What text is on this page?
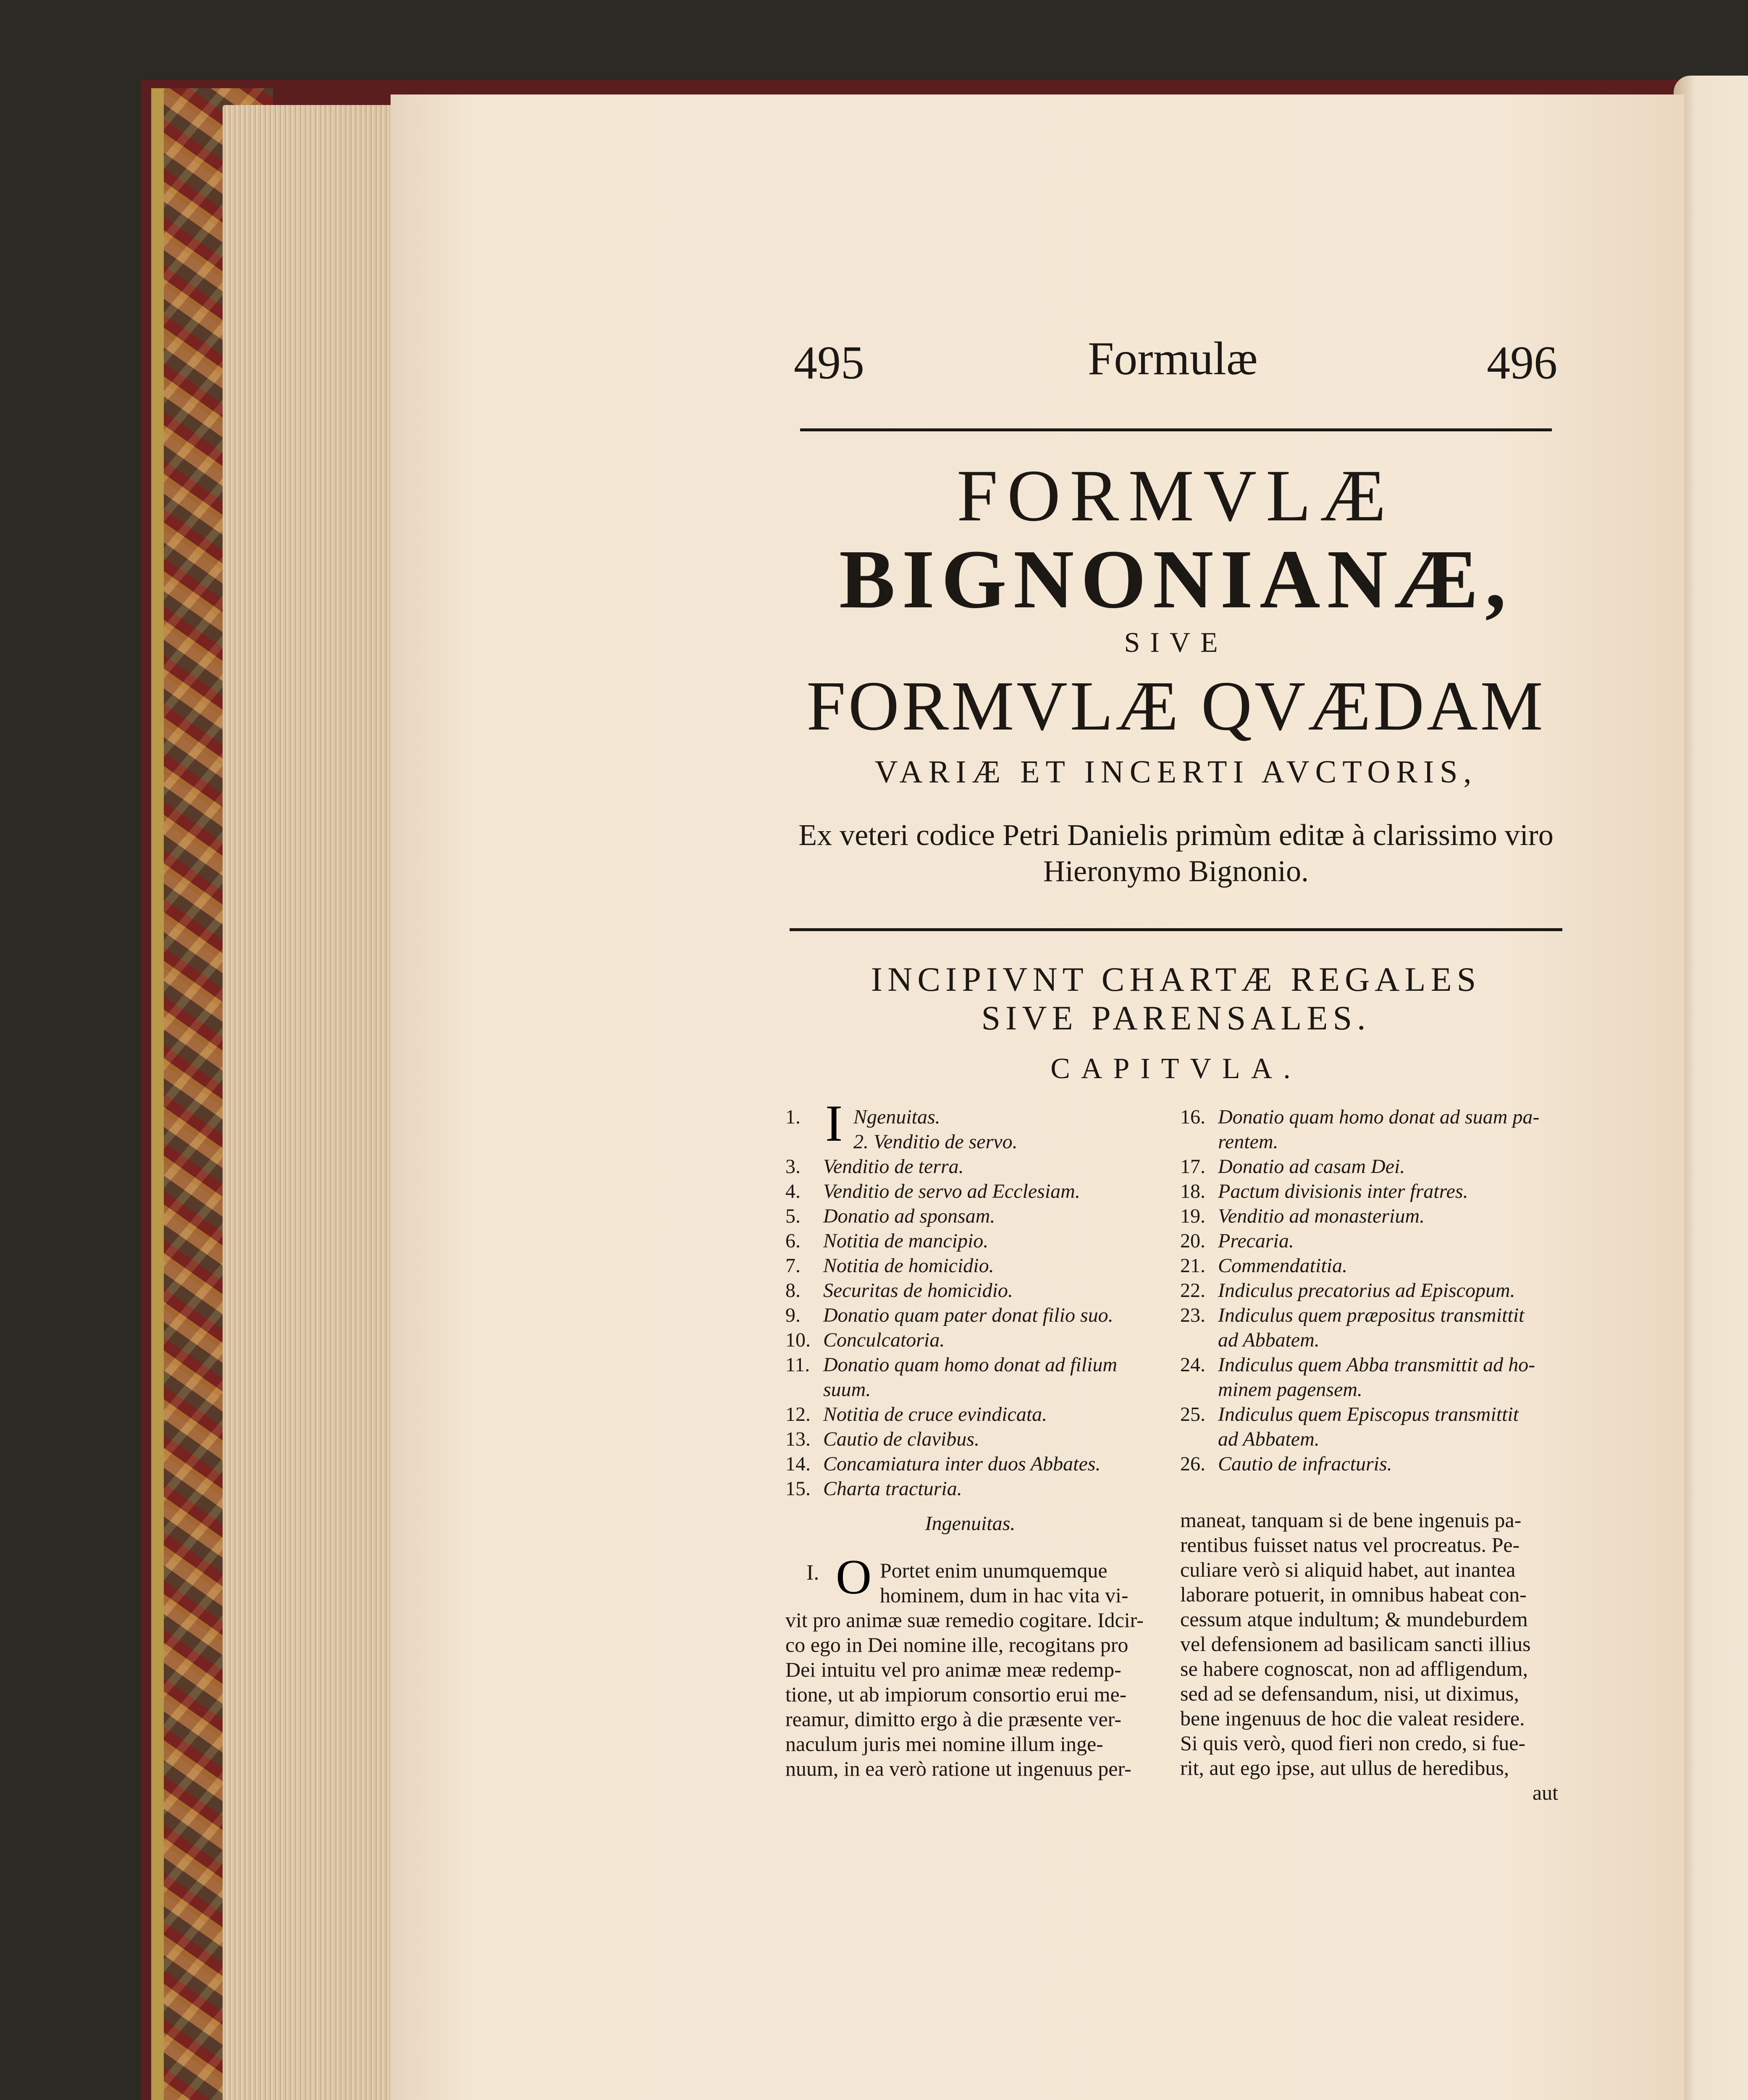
495	Formulæ	496
FORMVLÆ
BIGNONIANÆ,
SIVE
FORMVLÆ QVÆDAM
VARIÆ ET INCERTI AVCTORIS,
Ex veteri codice Petri Danielis primùm editæ à clarissimo viro
Hieronymo Bignonio.
INCIPIVNT CHARTÆ REGALES
SIVE PARENSALES.
CAPITVLA.
I
1.	Ngenuitas.
2. Venditio de servo.
3.	Venditio de terra.
4.	Venditio de servo ad Ecclesiam.
5.	Donatio ad sponsam.
6.	Notitia de mancipio.
7.	Notitia de homicidio.
8.	Securitas de homicidio.
9.	Donatio quam pater donat filio suo.
10. Conculcatoria.
11. Donatio quam homo donat ad filium
suum.
12. Notitia de cruce evindicata.
13. Cautio de clavibus.
14. Concamiatura inter duos Abbates.
15. Charta tracturia.
16. Donatio quam homo donat ad suam pa-
rentem.
17. Donatio ad casam Dei.
18. Pactum divisionis inter fratres.
19. Venditio ad monasterium.
20. Precaria.
21. Commendatitia.
22. Indiculus precatorius ad Episcopum.
23. Indiculus quem præpositus transmittit
ad Abbatem.
24. Indiculus quem Abba transmittit ad ho-
minem pagensem.
25. Indiculus quem Episcopus transmittit
ad Abbatem.
26. Cautio de infracturis.
Ingenuitas.
I. O Portet enim unumquemque
hominem, dum in hac vita vi-
vit pro animæ suæ remedio cogitare. Idcir-
co ego in Dei nomine ille, recogitans pro
Dei intuitu vel pro animæ meæ redemp-
tione, ut ab impiorum consortio erui me-
reamur, dimitto ergo à die præsente ver-
naculum juris mei nomine illum inge-
nuum, in ea verò ratione ut ingenuus per-
maneat, tanquam si de bene ingenuis pa-
rentibus fuisset natus vel procreatus. Pe-
culiare verò si aliquid habet, aut inantea
laborare potuerit, in omnibus habeat con-
cessum atque indultum; & mundeburdem
vel defensionem ad basilicam sancti illius
se habere cognoscat, non ad affligendum,
sed ad se defensandum, nisi, ut diximus,
bene ingenuus de hoc die valeat residere.
Si quis verò, quod fieri non credo, si fue-
rit, aut ego ipse, aut ullus de heredibus,
aut
